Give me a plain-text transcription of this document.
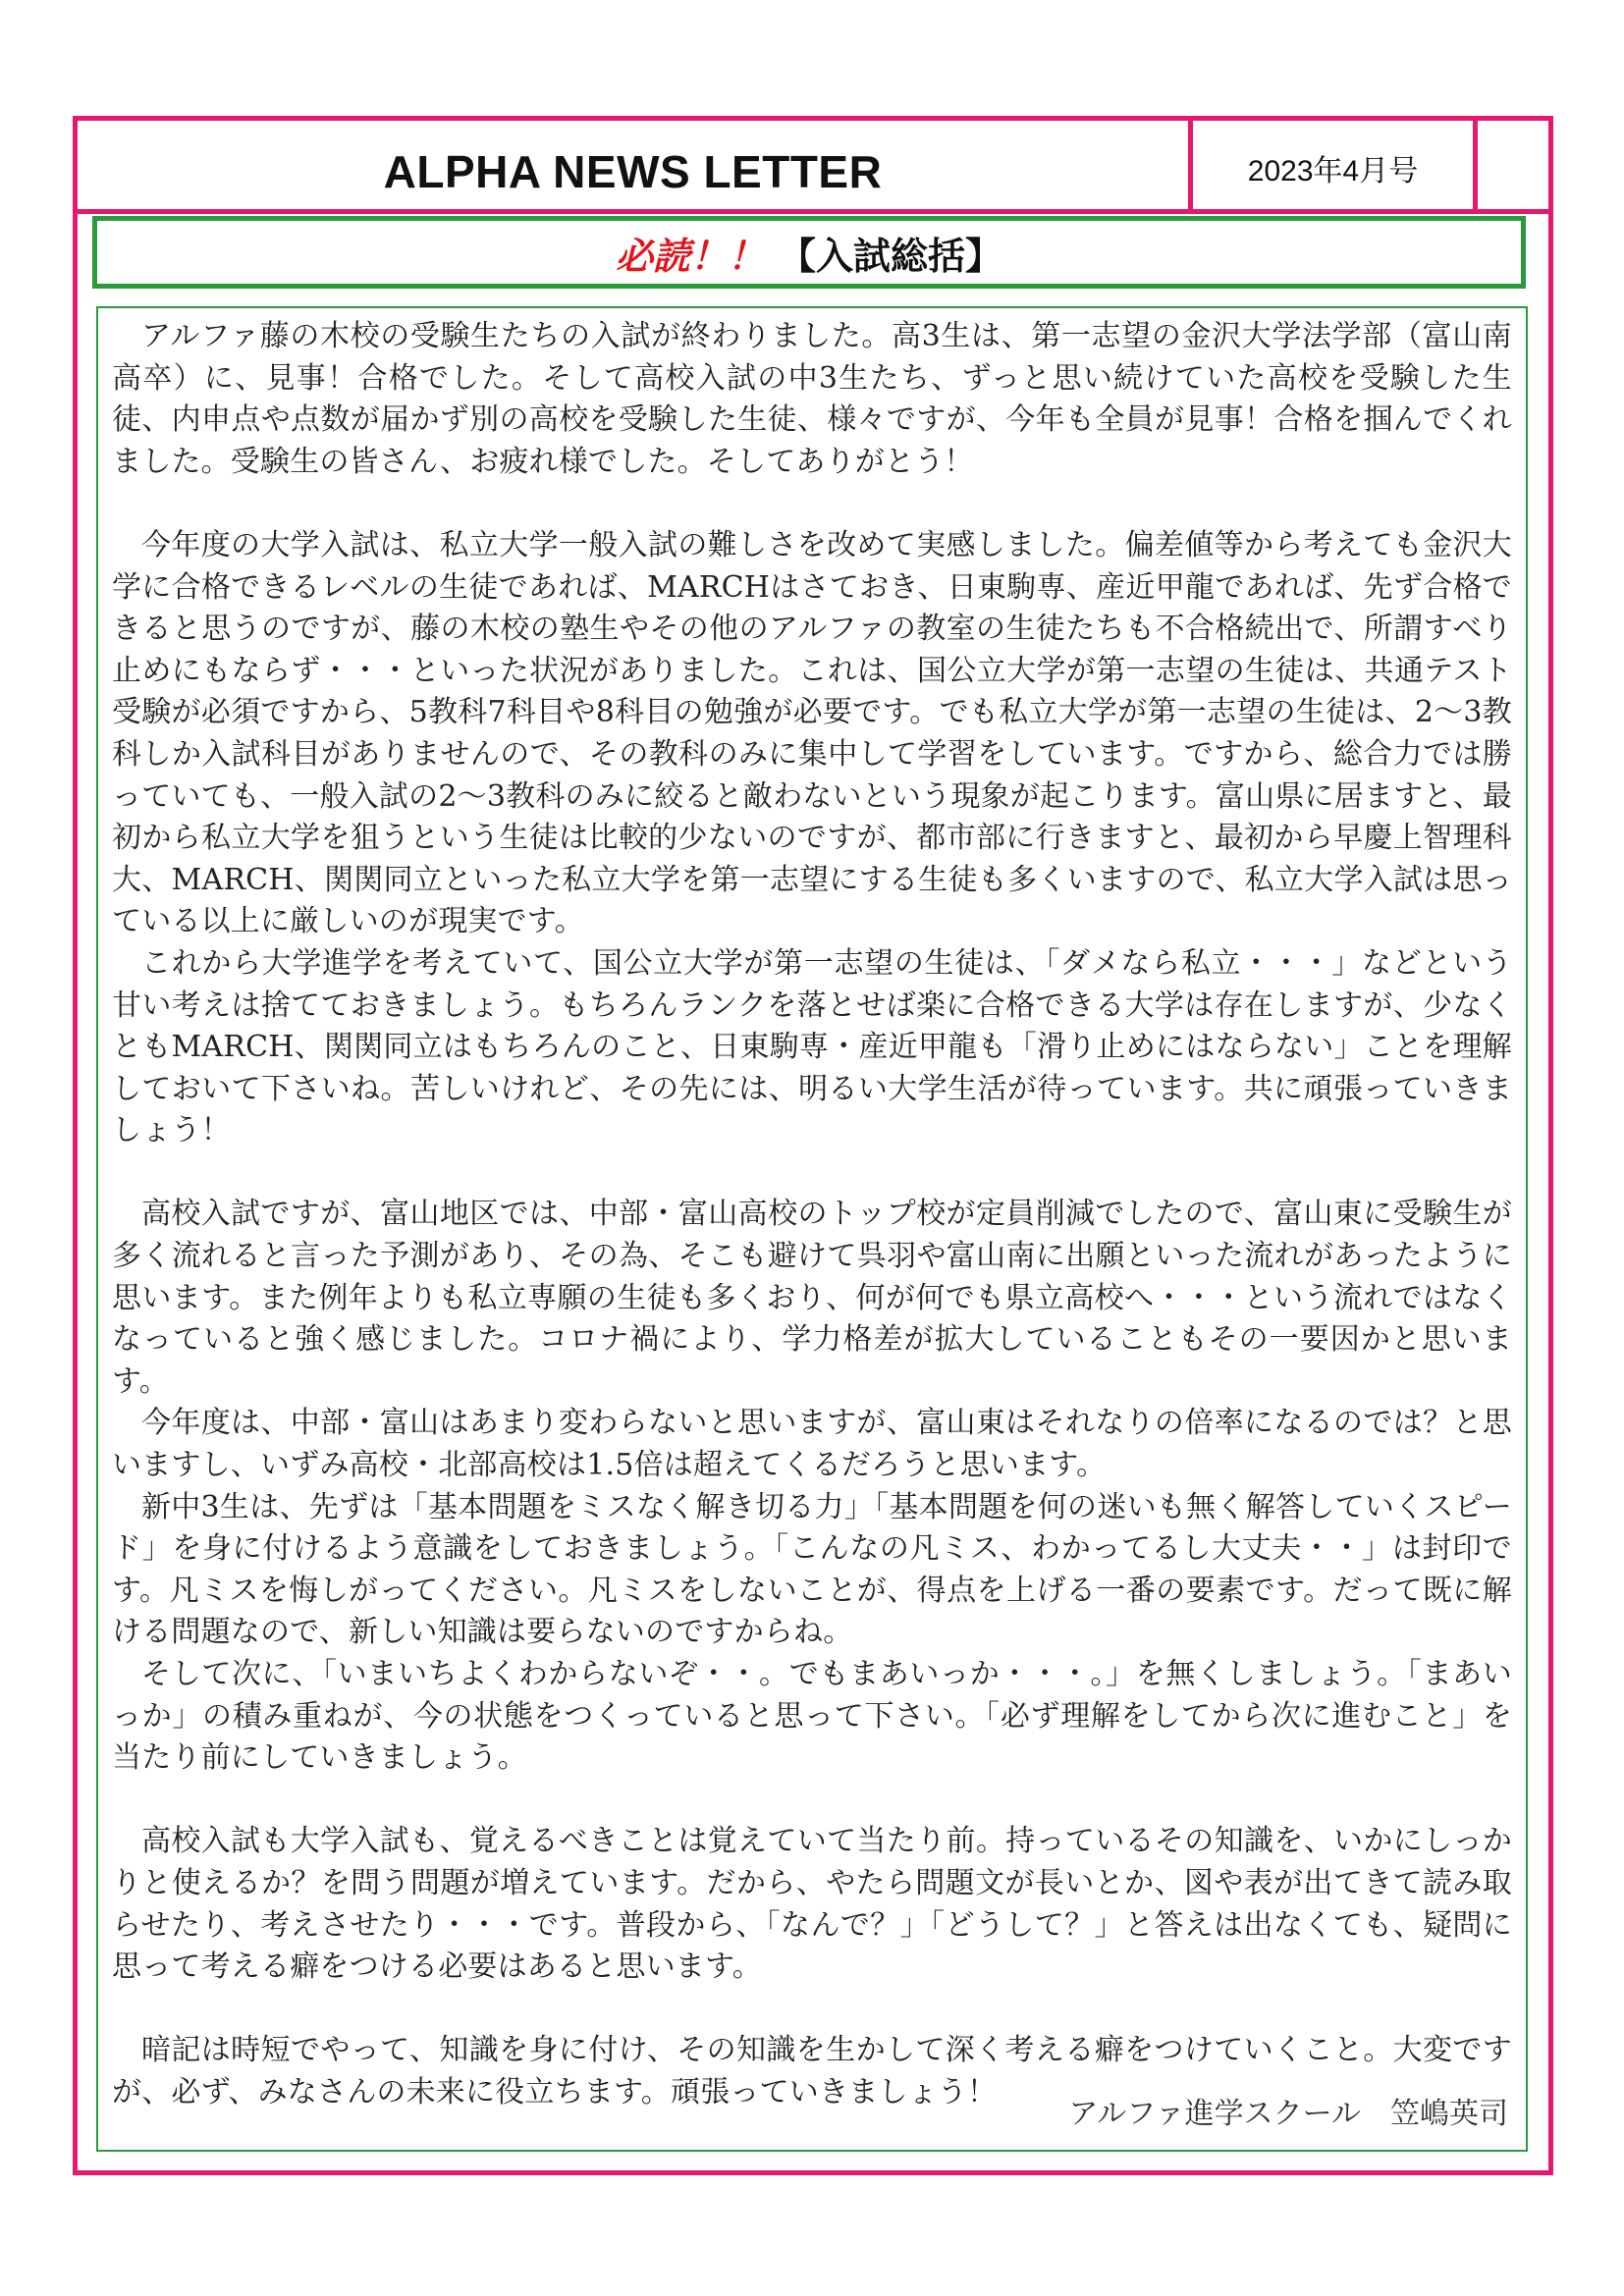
ALPHA NEWS LETTER	2023年4月号
必読！！ 【入試総括】

アルファ藤の木校の受験生たちの入試が終わりました。高3生は、第一志望の金沢大学法学部（富山南高卒）に、見事！合格でした。そして高校入試の中3生たち、ずっと思い続けていた高校を受験した生徒、内申点や点数が届かず別の高校を受験した生徒、様々ですが、今年も全員が見事！合格を掴んでくれました。受験生の皆さん、お疲れ様でした。そしてありがとう！

今年度の大学入試は、私立大学一般入試の難しさを改めて実感しました。偏差値等から考えても金沢大学に合格できるレベルの生徒であれば、MARCHはさておき、日東駒専、産近甲龍であれば、先ず合格できると思うのですが、藤の木校の塾生やその他のアルファの教室の生徒たちも不合格続出で、所謂すべり止めにもならず・・・といった状況がありました。これは、国公立大学が第一志望の生徒は、共通テスト受験が必須ですから、5教科7科目や8科目の勉強が必要です。でも私立大学が第一志望の生徒は、2～3教科しか入試科目がありませんので、その教科のみに集中して学習をしています。ですから、総合力では勝っていても、一般入試の2～3教科のみに絞ると敵わないという現象が起こります。富山県に居ますと、最初から私立大学を狙うという生徒は比較的少ないのですが、都市部に行きますと、最初から早慶上智理科大、MARCH、関関同立といった私立大学を第一志望にする生徒も多くいますので、私立大学入試は思っている以上に厳しいのが現実です。

これから大学進学を考えていて、国公立大学が第一志望の生徒は、「ダメなら私立・・・」などという甘い考えは捨てておきましょう。もちろんランクを落とせば楽に合格できる大学は存在しますが、少なくともMARCH、関関同立はもちろんのこと、日東駒専・産近甲龍も「滑り止めにはならない」ことを理解しておいて下さいね。苦しいけれど、その先には、明るい大学生活が待っています。共に頑張っていきましょう！

高校入試ですが、富山地区では、中部・富山高校のトップ校が定員削減でしたので、富山東に受験生が多く流れると言った予測があり、その為、そこも避けて呉羽や富山南に出願といった流れがあったように思います。また例年よりも私立専願の生徒も多くおり、何が何でも県立高校へ・・・という流れではなくなっていると強く感じました。コロナ禍により、学力格差が拡大していることもその一要因かと思います。

今年度は、中部・富山はあまり変わらないと思いますが、富山東はそれなりの倍率になるのでは？と思いますし、いずみ高校・北部高校は1.5倍は超えてくるだろうと思います。

新中3生は、先ずは「基本問題をミスなく解き切る力」「基本問題を何の迷いも無く解答していくスピード」を身に付けるよう意識をしておきましょう。「こんなの凡ミス、わかってるし大丈夫・・」は封印です。凡ミスを悔しがってください。凡ミスをしないことが、得点を上げる一番の要素です。だって既に解ける問題なので、新しい知識は要らないのですからね。

そして次に、「いまいちよくわからないぞ・・。でもまあいっか・・・。」を無くしましょう。「まあいっか」の積み重ねが、今の状態をつくっていると思って下さい。「必ず理解をしてから次に進むこと」を当たり前にしていきましょう。

高校入試も大学入試も、覚えるべきことは覚えていて当たり前。持っているその知識を、いかにしっかりと使えるか？を問う問題が増えています。だから、やたら問題文が長いとか、図や表が出てきて読み取らせたり、考えさせたり・・・です。普段から、「なんで？」「どうして？」と答えは出なくても、疑問に思って考える癖をつける必要はあると思います。

暗記は時短でやって、知識を身に付け、その知識を生かして深く考える癖をつけていくこと。大変ですが、必ず、みなさんの未来に役立ちます。頑張っていきましょう！

アルファ進学スクール　笠嶋英司
